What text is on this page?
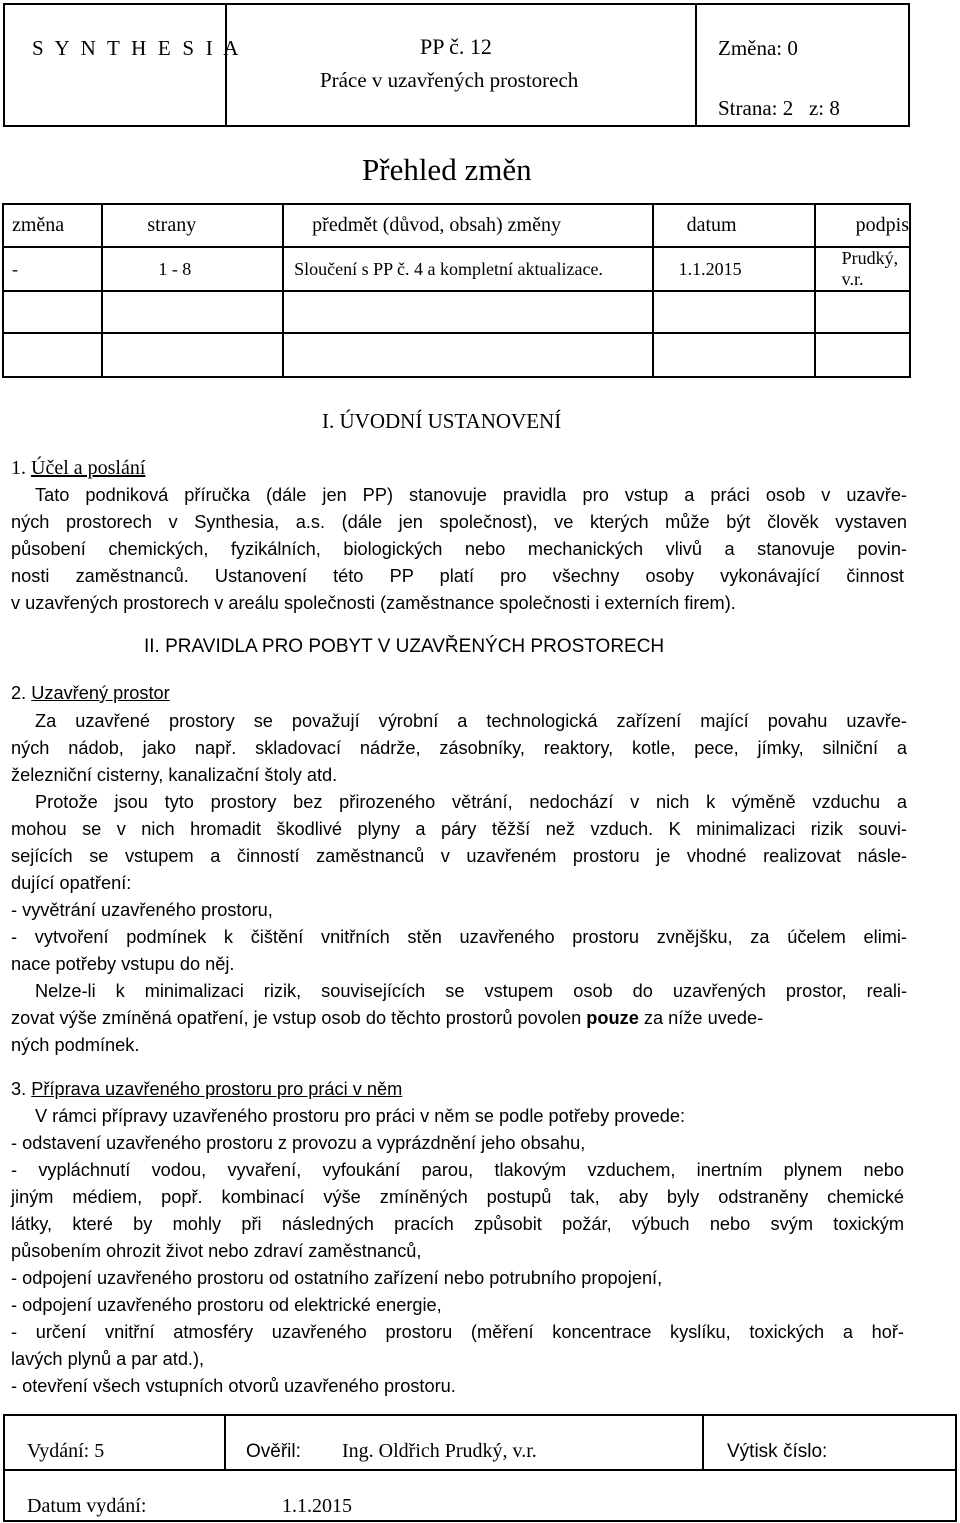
S Y N T H E S I A	PP č. 12
Práce v uzavřených prostorech
Změna: 0
Strana: 2   z: 8
Přehled změn
změna	strany	předmět (důvod, obsah) změny	datum	podpis
-	1 - 8	Sloučení s PP č. 4 a kompletní aktualizace.	1.1.2015	Prudký, v.r.

I. ÚVODNÍ USTANOVENÍ
1. Účel a poslání
Tato podniková příručka (dále jen PP) stanovuje pravidla pro vstup a práci osob v uzavře-
ných prostorech v Synthesia, a.s. (dále jen společnost), ve kterých může být člověk vystaven
působení chemických, fyzikálních, biologických nebo mechanických vlivů a stanovuje povin-
nosti zaměstnanců. Ustanovení této PP platí pro všechny osoby vykonávající činnost
v uzavřených prostorech v areálu společnosti (zaměstnance společnosti i externích firem).
II. PRAVIDLA PRO POBYT V UZAVŘENÝCH PROSTORECH
2. Uzavřený prostor
Za uzavřené prostory se považují výrobní a technologická zařízení mající povahu uzavře-
ných nádob, jako např. skladovací nádrže, zásobníky, reaktory, kotle, pece, jímky, silniční a
železniční cisterny, kanalizační štoly atd.
Protože jsou tyto prostory bez přirozeného větrání, nedochází v nich k výměně vzduchu a
mohou se v nich hromadit škodlivé plyny a páry těžší než vzduch. K minimalizaci rizik souvi-
sejících se vstupem a činností zaměstnanců v uzavřeném prostoru je vhodné realizovat násle-
dující opatření:
- vyvětrání uzavřeného prostoru,
- vytvoření podmínek k čištění vnitřních stěn uzavřeného prostoru zvnějšku, za účelem elimi-
nace potřeby vstupu do něj.
Nelze-li k minimalizaci rizik, souvisejících se vstupem osob do uzavřených prostor, reali-
zovat výše zmíněná opatření, je vstup osob do těchto prostorů povolen pouze za níže uvede-
ných podmínek.
3. Příprava uzavřeného prostoru pro práci v něm
V rámci přípravy uzavřeného prostoru pro práci v něm se podle potřeby provede:
- odstavení uzavřeného prostoru z provozu a vyprázdnění jeho obsahu,
- vypláchnutí vodou, vyvaření, vyfoukání parou, tlakovým vzduchem, inertním plynem nebo
jiným médiem, popř. kombinací výše zmíněných postupů tak, aby byly odstraněny chemické
látky, které by mohly při následných pracích způsobit požár, výbuch nebo svým toxickým
působením ohrozit život nebo zdraví zaměstnanců,
- odpojení uzavřeného prostoru od ostatního zařízení nebo potrubního propojení,
- odpojení uzavřeného prostoru od elektrické energie,
- určení vnitřní atmosféry uzavřeného prostoru (měření koncentrace kyslíku, toxických a hoř-
lavých plynů a par atd.),
- otevření všech vstupních otvorů uzavřeného prostoru.
Vydání: 5	Ověřil: Ing. Oldřich Prudký, v.r.	Výtisk číslo:
Datum vydání:	1.1.2015
